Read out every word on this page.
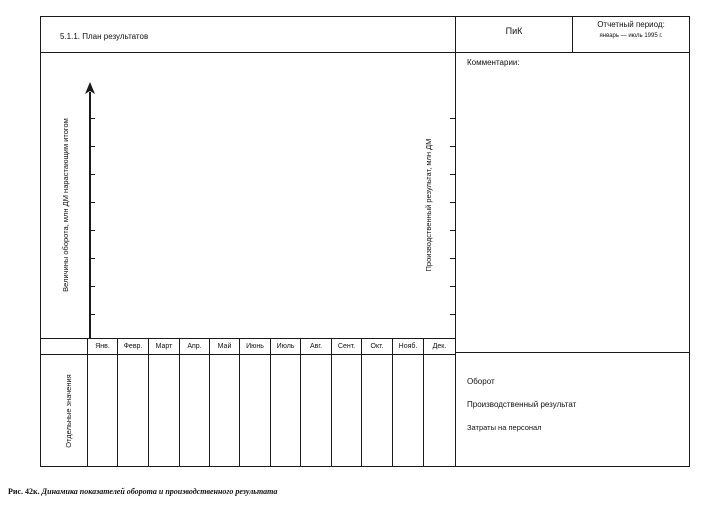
5.1.1. План результатов
ПиК
Отчетный период:
январь — июль 1995 г.
Комментарии:
Величины оборота, млн ДМ нарастающим итогом	Производственный результат, млн ДМ
Отдельные значения
Янв.	Февр.	Март	Апр.	Май	Июнь	Июль	Авг.	Сент.	Окт.	Нояб.	Дек.
Оборот
Производственный результат
Затраты на персонал
Рис. 42к. Динамика показателей оборота и производственного результата
